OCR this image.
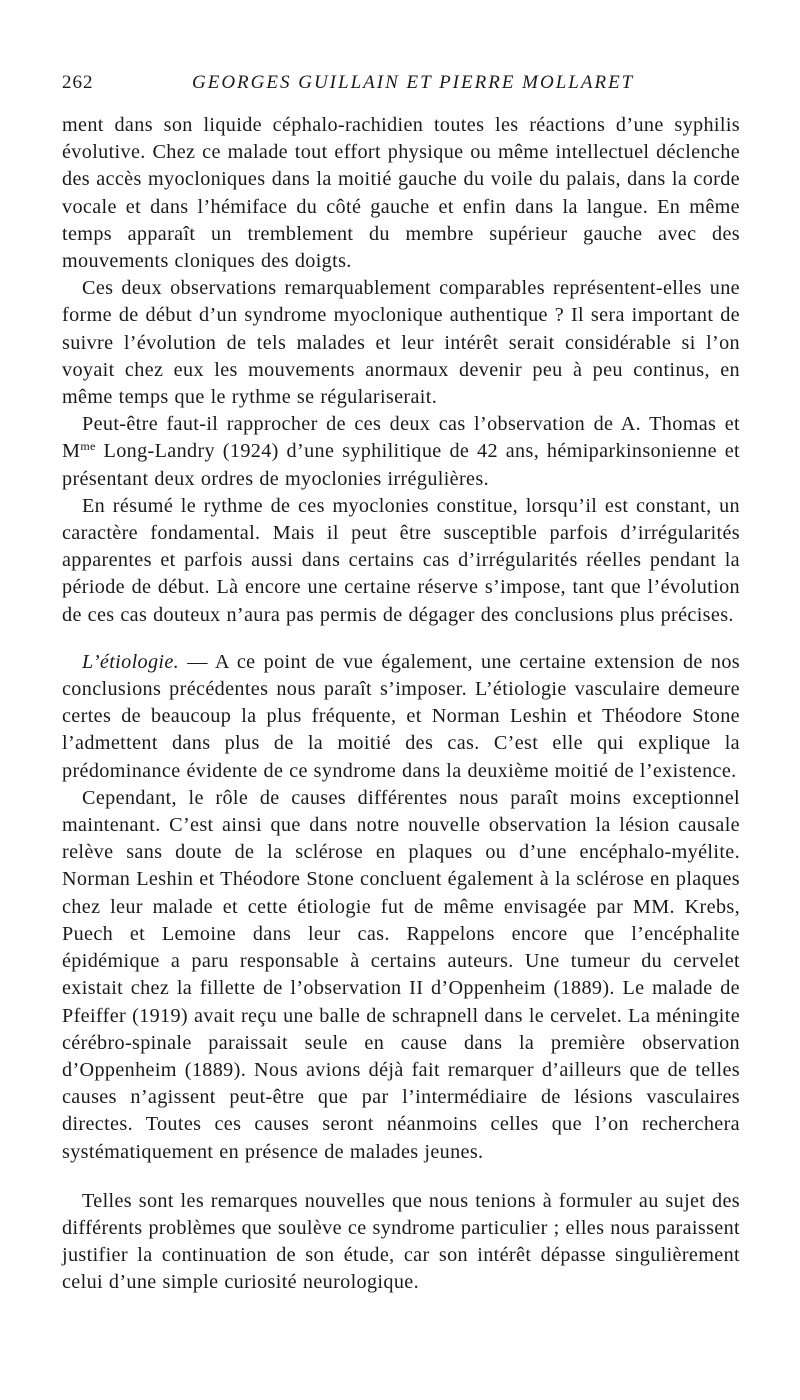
262	GEORGES GUILLAIN ET PIERRE MOLLARET

ment dans son liquide céphalo-rachidien toutes les réactions d’une syphilis évolutive. Chez ce malade tout effort physique ou même intellectuel déclenche des accès myocloniques dans la moitié gauche du voile du palais, dans la corde vocale et dans l’hémiface du côté gauche et enfin dans la langue. En même temps apparaît un tremblement du membre supérieur gauche avec des mouvements cloniques des doigts.

Ces deux observations remarquablement comparables représentent-elles une forme de début d’un syndrome myoclonique authentique ? Il sera important de suivre l’évolution de tels malades et leur intérêt serait considérable si l’on voyait chez eux les mouvements anormaux devenir peu à peu continus, en même temps que le rythme se régulariserait.

Peut-être faut-il rapprocher de ces deux cas l’observation de A. Thomas et $M^{me}$ Long-Landry (1924) d’une syphilitique de 42 ans, hémiparkinsonienne et présentant deux ordres de myoclonies irrégulières.

En résumé le rythme de ces myoclonies constitue, lorsqu’il est constant, un caractère fondamental. Mais il peut être susceptible parfois d’irrégularités apparentes et parfois aussi dans certains cas d’irrégularités réelles pendant la période de début. Là encore une certaine réserve s’impose, tant que l’évolution de ces cas douteux n’aura pas permis de dégager des conclusions plus précises.

L’étiologie. — A ce point de vue également, une certaine extension de nos conclusions précédentes nous paraît s’imposer. L’étiologie vasculaire demeure certes de beaucoup la plus fréquente, et Norman Leshin et Théodore Stone l’admettent dans plus de la moitié des cas. C’est elle qui explique la prédominance évidente de ce syndrome dans la deuxième moitié de l’existence.

Cependant, le rôle de causes différentes nous paraît moins exceptionnel maintenant. C’est ainsi que dans notre nouvelle observation la lésion causale relève sans doute de la sclérose en plaques ou d’une encéphalo-myélite. Norman Leshin et Théodore Stone concluent également à la sclérose en plaques chez leur malade et cette étiologie fut de même envisagée par MM. Krebs, Puech et Lemoine dans leur cas. Rappelons encore que l’encéphalite épidémique a paru responsable à certains auteurs. Une tumeur du cervelet existait chez la fillette de l’observation II d’Oppenheim (1889). Le malade de Pfeiffer (1919) avait reçu une balle de schrapnell dans le cervelet. La méningite cérébro-spinale paraissait seule en cause dans la première observation d’Oppenheim (1889). Nous avions déjà fait remarquer d’ailleurs que de telles causes n’agissent peut-être que par l’intermédiaire de lésions vasculaires directes. Toutes ces causes seront néanmoins celles que l’on recherchera systématiquement en présence de malades jeunes.

Telles sont les remarques nouvelles que nous tenions à formuler au sujet des différents problèmes que soulève ce syndrome particulier ; elles nous paraissent justifier la continuation de son étude, car son intérêt dépasse singulièrement celui d’une simple curiosité neurologique.
